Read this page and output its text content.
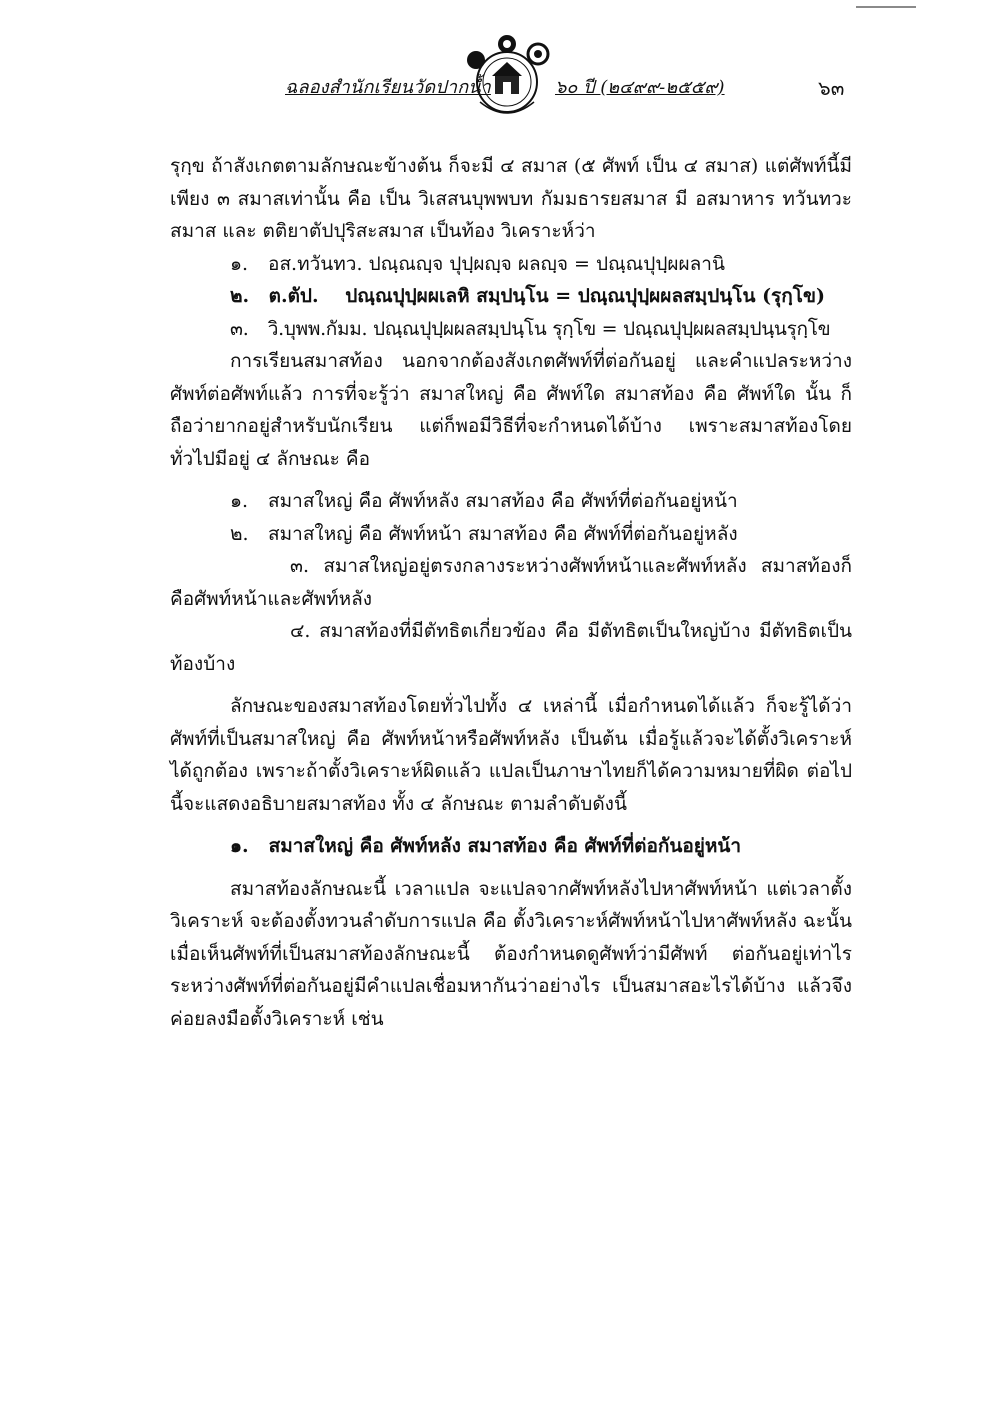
ฉลองสำนักเรียนวัดปากน้ำ	๖๐ ปี (๒๔๙๙-๒๕๕๙)	๖๓

รุกฺข ถ้าสังเกตตามลักษณะข้างต้น ก็จะมี ๔ สมาส (๕ ศัพท์ เป็น ๔ สมาส) แต่ศัพท์นี้มีเพียง ๓ สมาสเท่านั้น คือ เป็น วิเสสนบุพพบท กัมมธารยสมาส มี อสมาหาร ทวันทวะสมาส และ ตติยาตัปปุริสะสมาส เป็นท้อง วิเคราะห์ว่า

๑. อส.ทวันทว. ปณฺณญฺจ ปุปฺผญฺจ ผลญฺจ = ปณฺณปุปฺผผลานิ

๒. ต.ตัป. ปณฺณปุปฺผผเลหิ สมฺปนฺโน = ปณฺณปุปฺผผลสมฺปนฺโน (รุกฺโข)

๓. วิ.บุพพ.กัมม. ปณฺณปุปฺผผลสมฺปนฺโน รุกฺโข = ปณฺณปุปฺผผลสมฺปนฺนรุกฺโข

การเรียนสมาสท้อง นอกจากต้องสังเกตศัพท์ที่ต่อกันอยู่ และคำแปลระหว่างศัพท์ต่อศัพท์แล้ว การที่จะรู้ว่า สมาสใหญ่ คือ ศัพท์ใด สมาสท้อง คือ ศัพท์ใด นั้น ก็ถือว่ายากอยู่สำหรับนักเรียน แต่ก็พอมีวิธีที่จะกำหนดได้บ้าง เพราะสมาสท้องโดยทั่วไปมีอยู่ ๔ ลักษณะ คือ

๑. สมาสใหญ่ คือ ศัพท์หลัง สมาสท้อง คือ ศัพท์ที่ต่อกันอยู่หน้า

๒. สมาสใหญ่ คือ ศัพท์หน้า สมาสท้อง คือ ศัพท์ที่ต่อกันอยู่หลัง

๓. สมาสใหญ่อยู่ตรงกลางระหว่างศัพท์หน้าและศัพท์หลัง สมาสท้องก็คือศัพท์หน้าและศัพท์หลัง

๔. สมาสท้องที่มีตัทธิตเกี่ยวข้อง คือ มีตัทธิตเป็นใหญ่บ้าง มีตัทธิตเป็นท้องบ้าง

ลักษณะของสมาสท้องโดยทั่วไปทั้ง ๔ เหล่านี้ เมื่อกำหนดได้แล้ว ก็จะรู้ได้ว่าศัพท์ที่เป็นสมาสใหญ่ คือ ศัพท์หน้าหรือศัพท์หลัง เป็นต้น เมื่อรู้แล้วจะได้ตั้งวิเคราะห์ได้ถูกต้อง เพราะถ้าตั้งวิเคราะห์ผิดแล้ว แปลเป็นภาษาไทยก็ได้ความหมายที่ผิด ต่อไปนี้จะแสดงอธิบายสมาสท้อง ทั้ง ๔ ลักษณะ ตามลำดับดังนี้

๑. สมาสใหญ่ คือ ศัพท์หลัง สมาสท้อง คือ ศัพท์ที่ต่อกันอยู่หน้า

สมาสท้องลักษณะนี้ เวลาแปล จะแปลจากศัพท์หลังไปหาศัพท์หน้า แต่เวลาตั้งวิเคราะห์ จะต้องตั้งทวนลำดับการแปล คือ ตั้งวิเคราะห์ศัพท์หน้าไปหาศัพท์หลัง ฉะนั้น เมื่อเห็นศัพท์ที่เป็นสมาสท้องลักษณะนี้ ต้องกำหนดดูศัพท์ว่ามีศัพท์ ต่อกันอยู่เท่าไร ระหว่างศัพท์ที่ต่อกันอยู่มีคำแปลเชื่อมหากันว่าอย่างไร เป็นสมาสอะไรได้บ้าง แล้วจึงค่อยลงมือตั้งวิเคราะห์ เช่น
